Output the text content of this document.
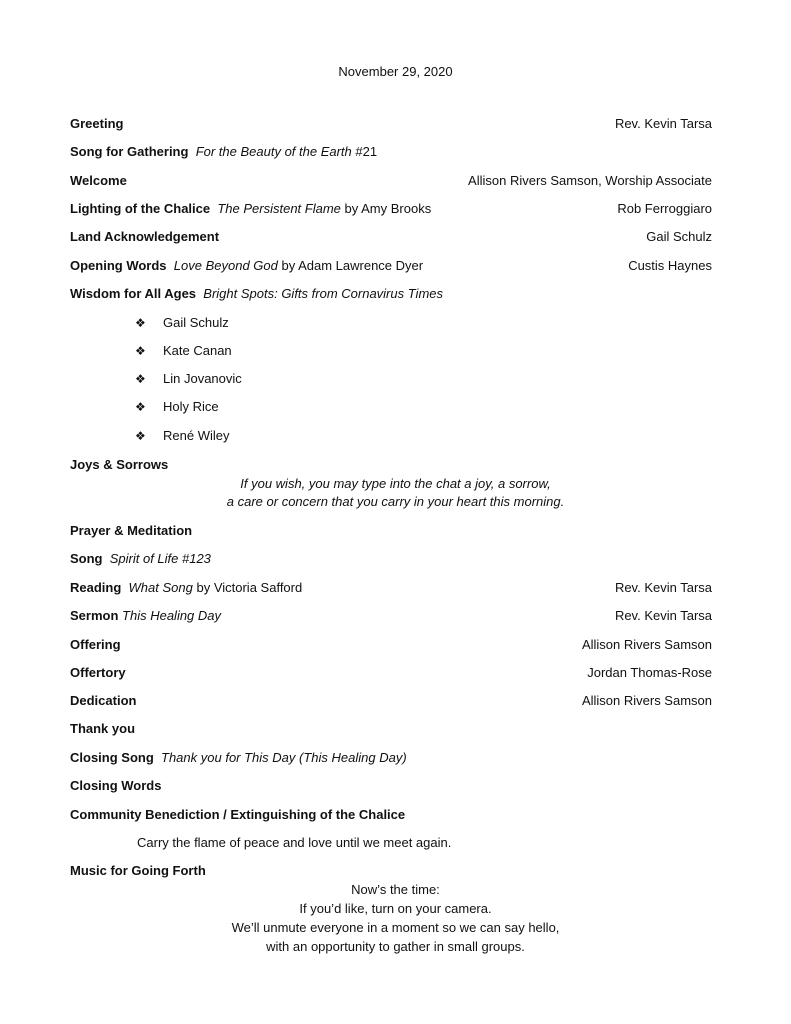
November 29, 2020
Greeting	Rev. Kevin Tarsa
Song for Gathering For the Beauty of the Earth #21
Welcome	Allison Rivers Samson, Worship Associate
Lighting of the Chalice The Persistent Flame by Amy Brooks	Rob Ferroggiaro
Land Acknowledgement	Gail Schulz
Opening Words Love Beyond God by Adam Lawrence Dyer	Custis Haynes
Wisdom for All Ages Bright Spots: Gifts from Cornavirus Times
❖ Gail Schulz
❖ Kate Canan
❖ Lin Jovanovic
❖ Holy Rice
❖ René Wiley
Joys & Sorrows
If you wish, you may type into the chat a joy, a sorrow,
a care or concern that you carry in your heart this morning.
Prayer & Meditation
Song Spirit of Life #123
Reading What Song by Victoria Safford	Rev. Kevin Tarsa
Sermon This Healing Day	Rev. Kevin Tarsa
Offering	Allison Rivers Samson
Offertory	Jordan Thomas-Rose
Dedication	Allison Rivers Samson
Thank you
Closing Song Thank you for This Day (This Healing Day)
Closing Words
Community Benediction / Extinguishing of the Chalice
Carry the flame of peace and love until we meet again.
Music for Going Forth
Now’s the time:
If you’d like, turn on your camera.
We’ll unmute everyone in a moment so we can say hello,
with an opportunity to gather in small groups.
